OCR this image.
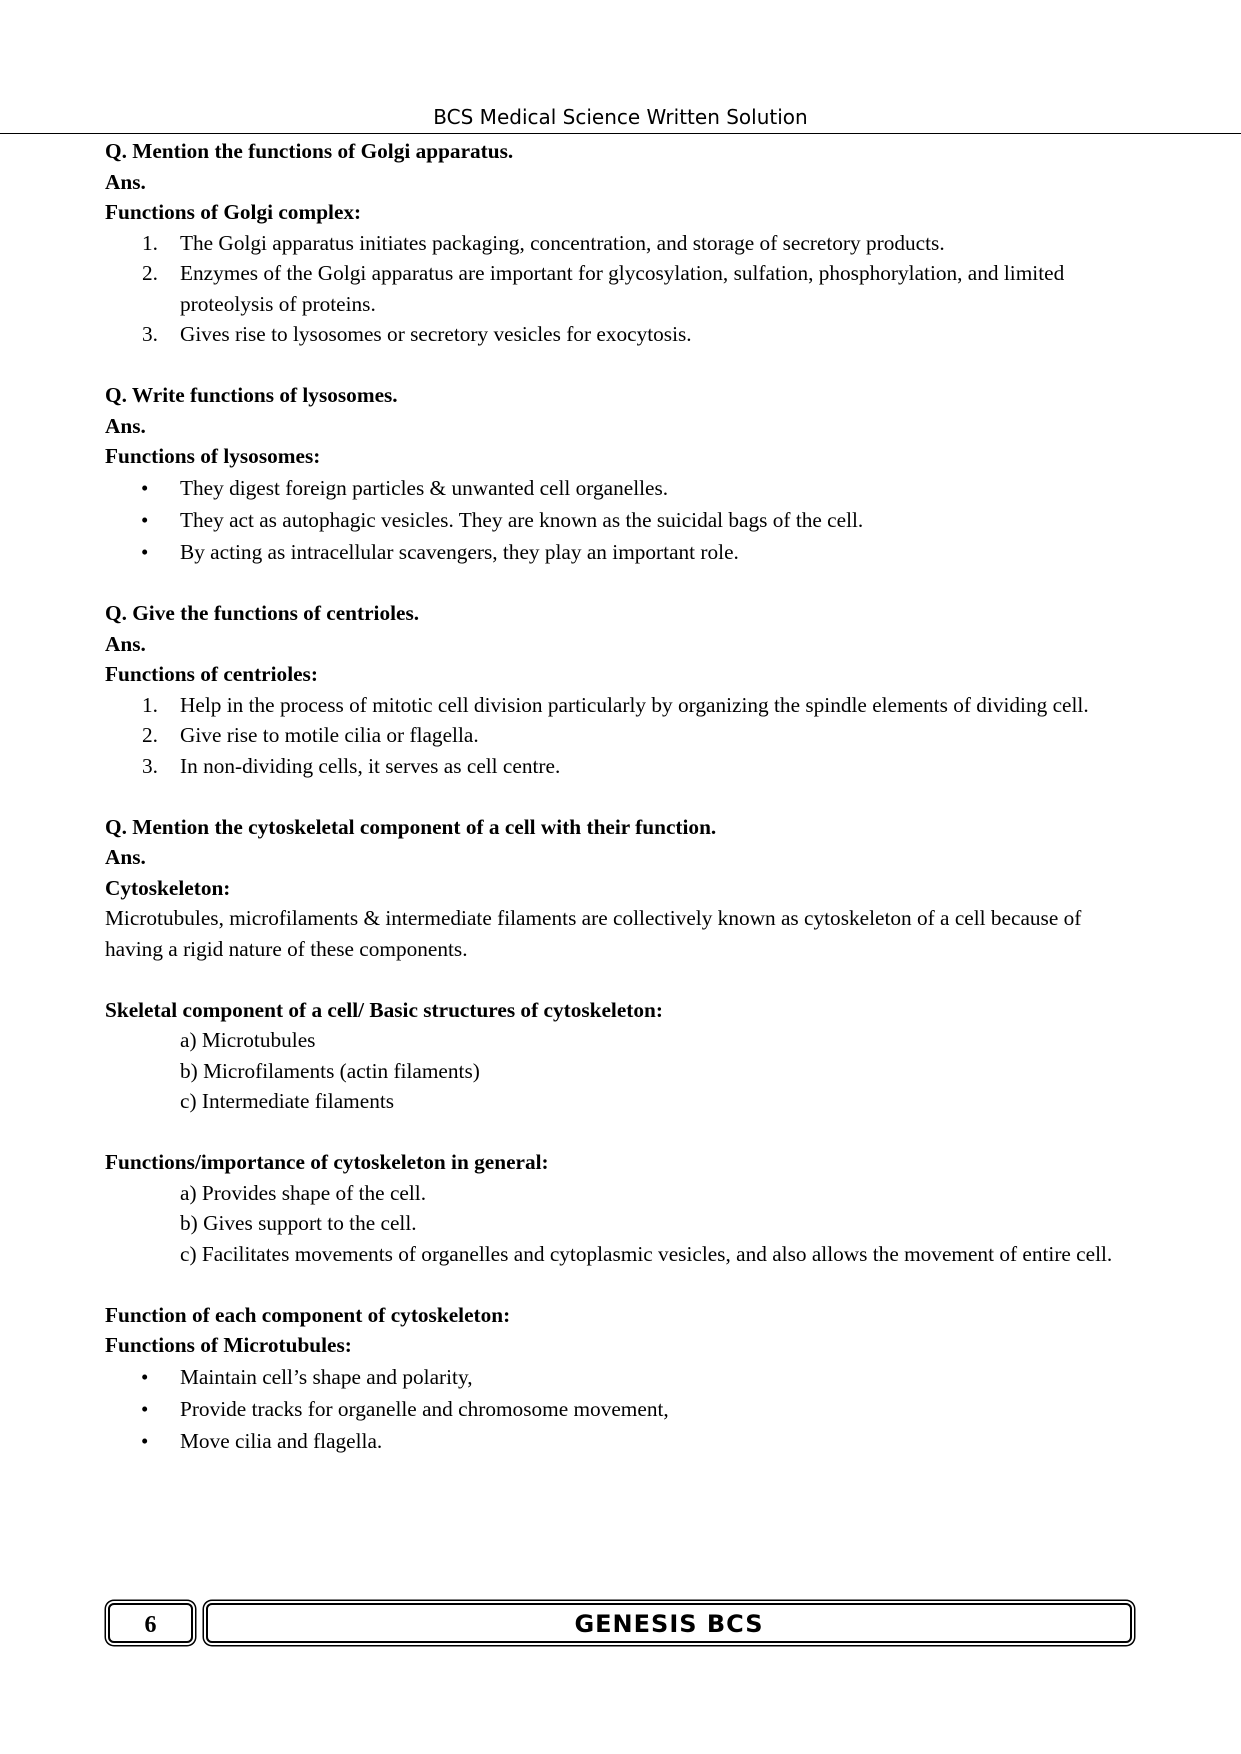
BCS Medical Science Written Solution

Q. Mention the functions of Golgi apparatus.

Ans.

Functions of Golgi complex:

1.	The Golgi apparatus initiates packaging, concentration, and storage of secretory products.
2.	Enzymes of the Golgi apparatus are important for glycosylation, sulfation, phosphorylation, and limited proteolysis of proteins.
3.	Gives rise to lysosomes or secretory vesicles for exocytosis.

Q. Write functions of lysosomes.

Ans.

Functions of lysosomes:

• They digest foreign particles & unwanted cell organelles.
• They act as autophagic vesicles. They are known as the suicidal bags of the cell.
• By acting as intracellular scavengers, they play an important role.

Q. Give the functions of centrioles.

Ans.

Functions of centrioles:

1.	Help in the process of mitotic cell division particularly by organizing the spindle elements of dividing cell.
2.	Give rise to motile cilia or flagella.
3.	In non-dividing cells, it serves as cell centre.

Q. Mention the cytoskeletal component of a cell with their function.

Ans.

Cytoskeleton:

Microtubules, microfilaments & intermediate filaments are collectively known as cytoskeleton of a cell because of having a rigid nature of these components.

Skeletal component of a cell/ Basic structures of cytoskeleton:

a) Microtubules
b) Microfilaments (actin filaments)
c) Intermediate filaments

Functions/importance of cytoskeleton in general:

a) Provides shape of the cell.
b) Gives support to the cell.
c) Facilitates movements of organelles and cytoplasmic vesicles, and also allows the movement of entire cell.

Function of each component of cytoskeleton:

Functions of Microtubules:

• Maintain cell’s shape and polarity,
• Provide tracks for organelle and chromosome movement,
• Move cilia and flagella.
6	GENESIS BCS
